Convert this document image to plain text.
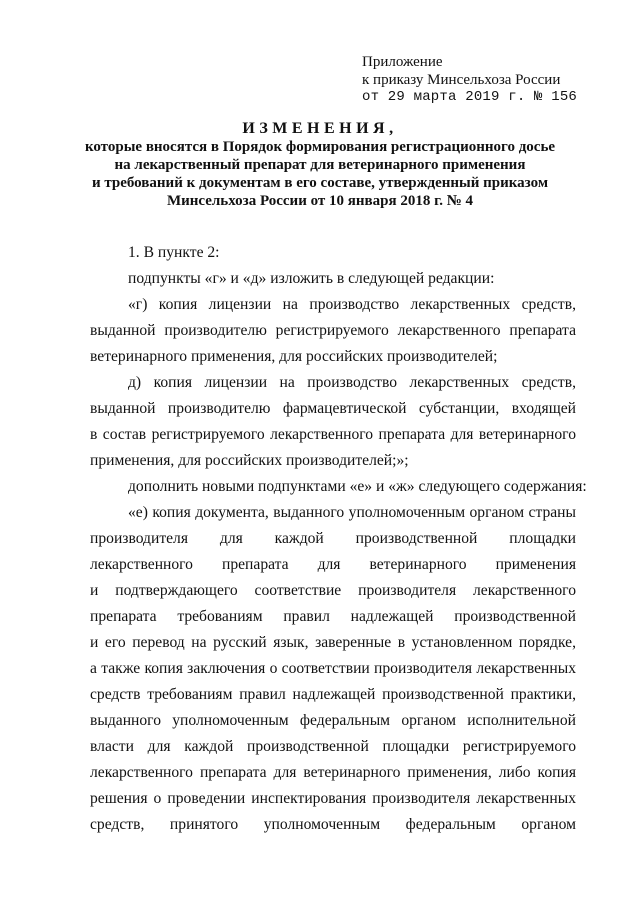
Приложение
к приказу Минсельхоза России
от 29 марта 2019 г. № 156
ИЗМЕНЕНИЯ,
которые вносятся в Порядок формирования регистрационного досье
на лекарственный препарат для ветеринарного применения
и требований к документам в его составе, утвержденный приказом
Минсельхоза России от 10 января 2018 г. № 4
1. В пункте 2:
подпункты «г» и «д» изложить в следующей редакции:
«г) копия лицензии на производство лекарственных средств,
выданной производителю регистрируемого лекарственного препарата
ветеринарного применения, для российских производителей;
д) копия лицензии на производство лекарственных средств,
выданной производителю фармацевтической субстанции, входящей
в состав регистрируемого лекарственного препарата для ветеринарного
применения, для российских производителей;»;
дополнить новыми подпунктами «е» и «ж» следующего содержания:
«е) копия документа, выданного уполномоченным органом страны
производителя для каждой производственной площадки
лекарственного препарата для ветеринарного применения
и подтверждающего соответствие производителя лекарственного
препарата требованиям правил надлежащей производственной
и его перевод на русский язык, заверенные в установленном порядке,
а также копия заключения о соответствии производителя лекарственных
средств требованиям правил надлежащей производственной практики,
выданного уполномоченным федеральным органом исполнительной
власти для каждой производственной площадки регистрируемого
лекарственного препарата для ветеринарного применения, либо копия
решения о проведении инспектирования производителя лекарственных
средств, принятого уполномоченным федеральным органом
